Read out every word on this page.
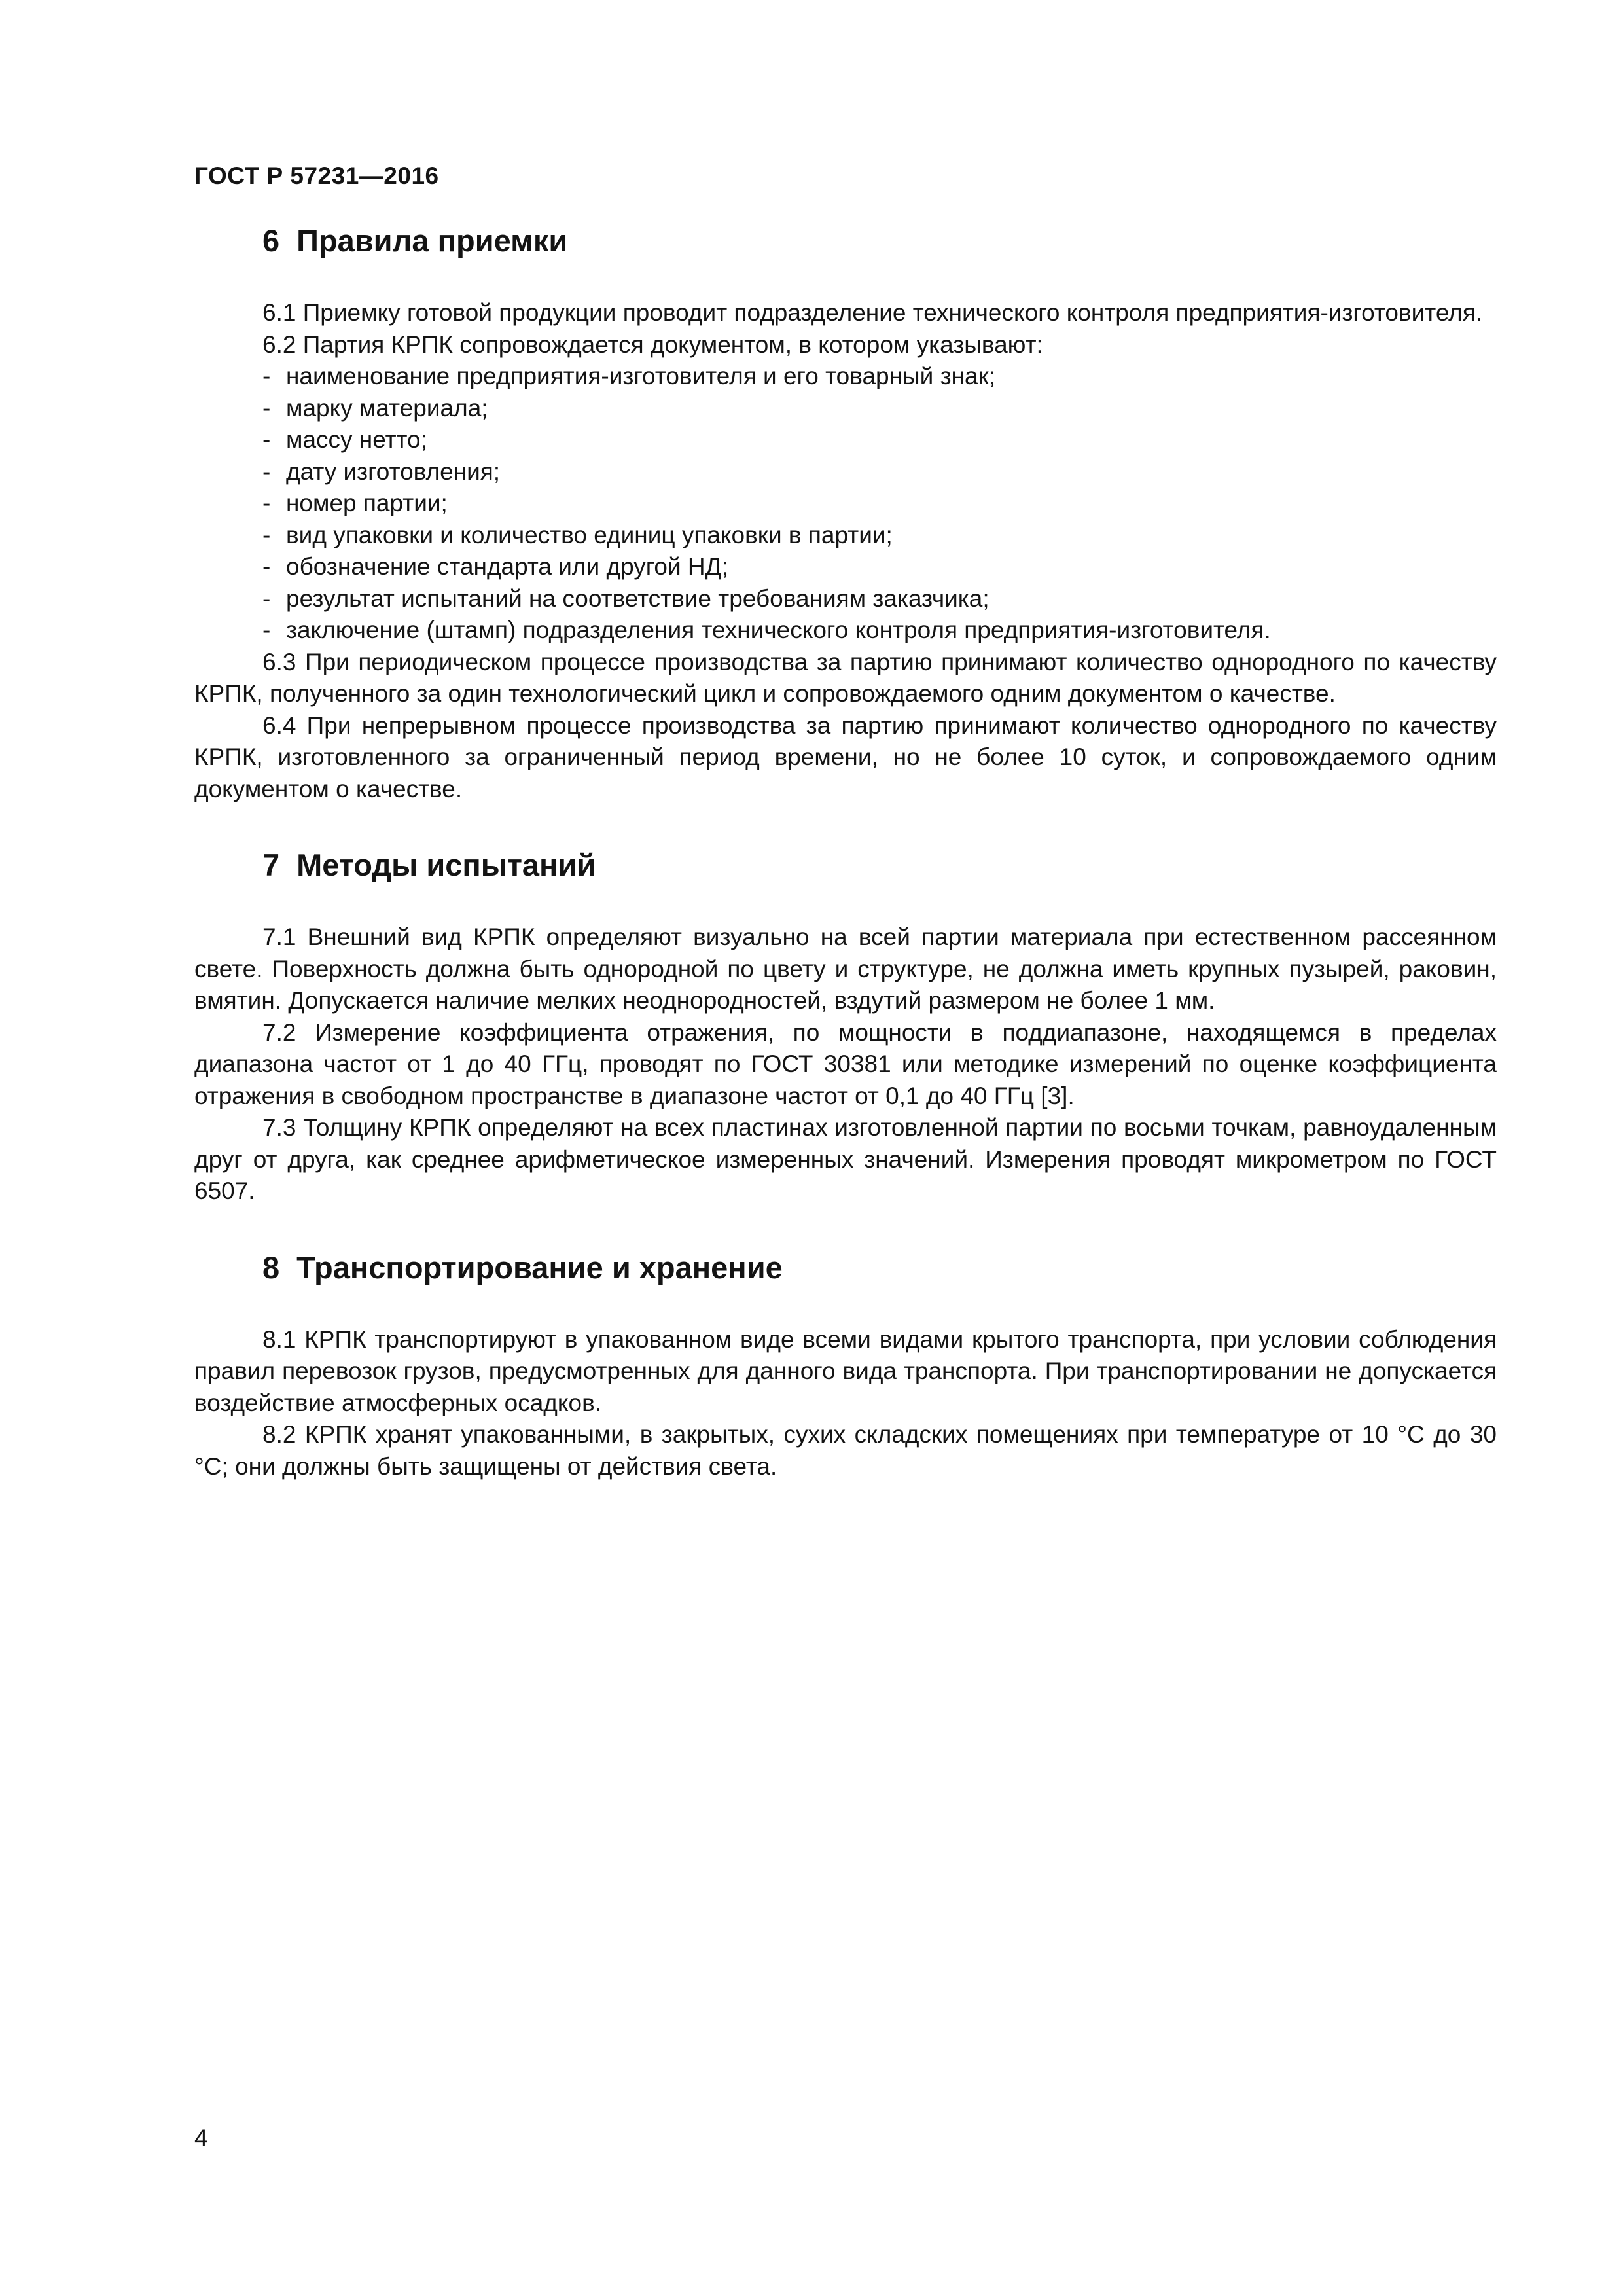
ГОСТ Р 57231—2016
6 Правила приемки

6.1 Приемку готовой продукции проводит подразделение технического контроля предприятия-изготовителя.

6.2 Партия КРПК сопровождается документом, в котором указывают:

- наименование предприятия-изготовителя и его товарный знак;
- марку материала;
- массу нетто;
- дату изготовления;
- номер партии;
- вид упаковки и количество единиц упаковки в партии;
- обозначение стандарта или другой НД;
- результат испытаний на соответствие требованиям заказчика;
- заключение (штамп) подразделения технического контроля предприятия-изготовителя.

6.3 При периодическом процессе производства за партию принимают количество однородного по качеству КРПК, полученного за один технологический цикл и сопровождаемого одним документом о качестве.

6.4 При непрерывном процессе производства за партию принимают количество однородного по качеству КРПК, изготовленного за ограниченный период времени, но не более 10 суток, и сопровождаемого одним документом о качестве.

7 Методы испытаний

7.1 Внешний вид КРПК определяют визуально на всей партии материала при естественном рассеянном свете. Поверхность должна быть однородной по цвету и структуре, не должна иметь крупных пузырей, раковин, вмятин. Допускается наличие мелких неоднородностей, вздутий размером не более 1 мм.

7.2 Измерение коэффициента отражения, по мощности в поддиапазоне, находящемся в пределах диапазона частот от 1 до 40 ГГц, проводят по ГОСТ 30381 или методике измерений по оценке коэффициента отражения в свободном пространстве в диапазоне частот от 0,1 до 40 ГГц [3].

7.3 Толщину КРПК определяют на всех пластинах изготовленной партии по восьми точкам, равноудаленным друг от друга, как среднее арифметическое измеренных значений. Измерения проводят микрометром по ГОСТ 6507.

8 Транспортирование и хранение

8.1 КРПК транспортируют в упакованном виде всеми видами крытого транспорта, при условии соблюдения правил перевозок грузов, предусмотренных для данного вида транспорта. При транспортировании не допускается воздействие атмосферных осадков.

8.2 КРПК хранят упакованными, в закрытых, сухих складских помещениях при температуре от 10 °С до 30 °С; они должны быть защищены от действия света.

4
